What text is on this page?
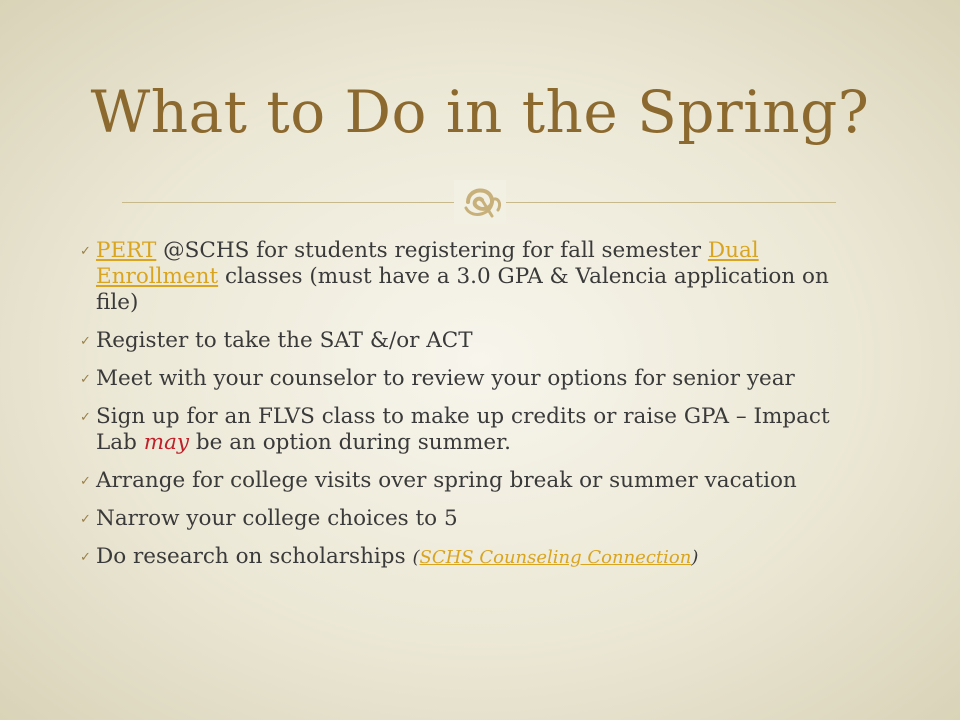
What to Do in the Spring?
✓ PERT @SCHS for students registering for fall semester Dual Enrollment classes (must have a 3.0 GPA & Valencia application on file)
✓ Register to take the SAT &/or ACT
✓ Meet with your counselor to review your options for senior year
✓ Sign up for an FLVS class to make up credits or raise GPA – Impact Lab may be an option during summer.
✓ Arrange for college visits over spring break or summer vacation
✓ Narrow your college choices to 5
✓ Do research on scholarships (SCHS Counseling Connection)
